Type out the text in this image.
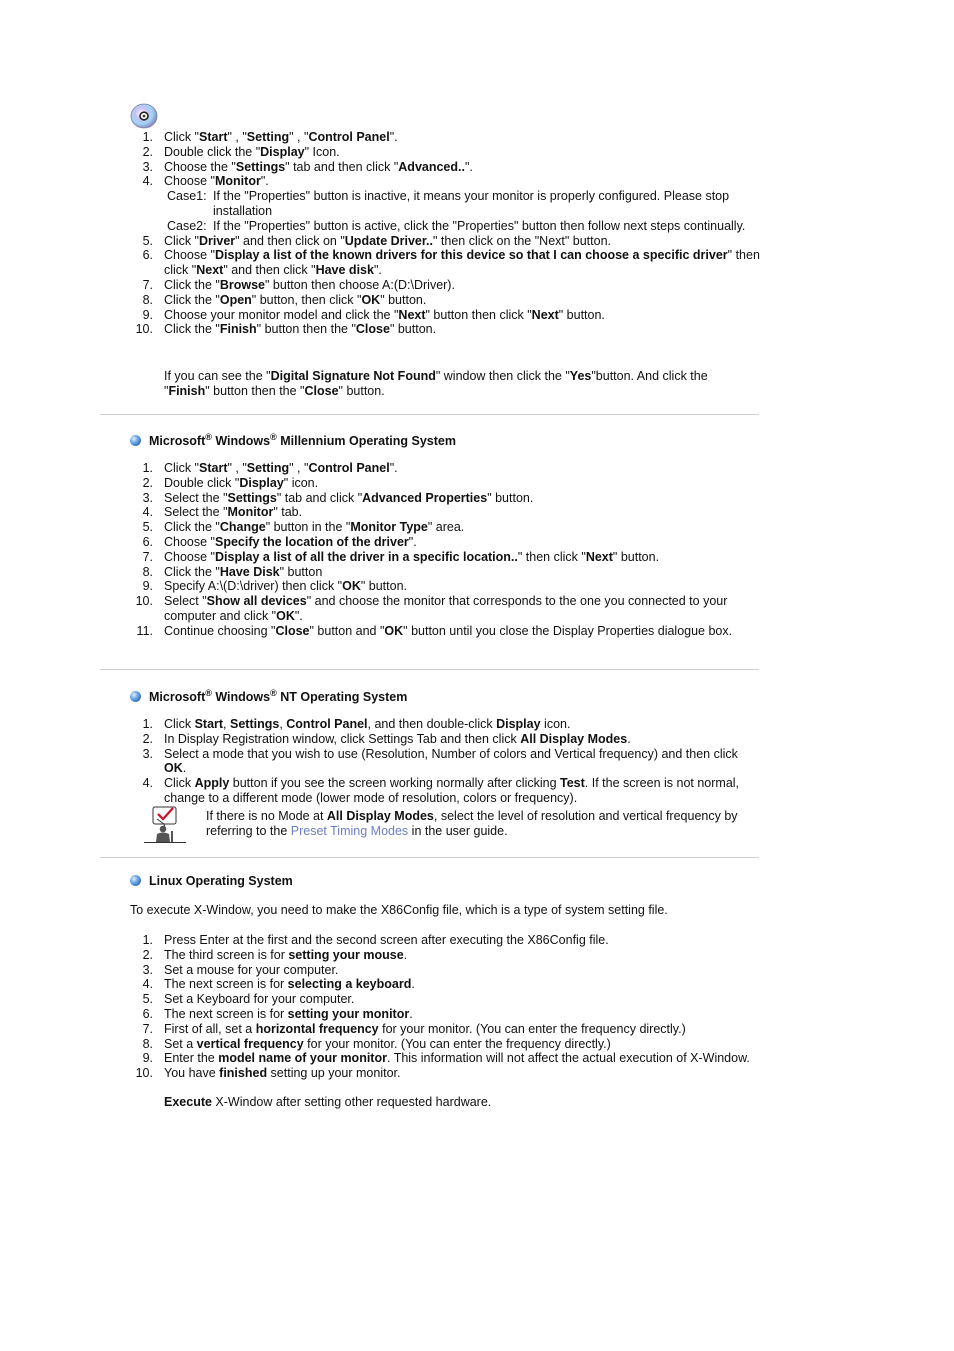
1. Click "Start" , "Setting" , "Control Panel".
2. Double click the "Display" Icon.
3. Choose the "Settings" tab and then click "Advanced..".
4. Choose "Monitor".
Case1: If the "Properties" button is inactive, it means your monitor is properly configured. Please stop installation
Case2: If the "Properties" button is active, click the "Properties" button then follow next steps continually.
5. Click "Driver" and then click on "Update Driver.." then click on the "Next" button.
6. Choose "Display a list of the known drivers for this device so that I can choose a specific driver" then click "Next" and then click "Have disk".
7. Click the "Browse" button then choose A:(D:\Driver).
8. Click the "Open" button, then click "OK" button.
9. Choose your monitor model and click the "Next" button then click "Next" button.
10. Click the "Finish" button then the "Close" button.
If you can see the "Digital Signature Not Found" window then click the "Yes"button. And click the "Finish" button then the "Close" button.
Microsoft® Windows® Millennium Operating System
1. Click "Start" , "Setting" , "Control Panel".
2. Double click "Display" icon.
3. Select the "Settings" tab and click "Advanced Properties" button.
4. Select the "Monitor" tab.
5. Click the "Change" button in the "Monitor Type" area.
6. Choose "Specify the location of the driver".
7. Choose "Display a list of all the driver in a specific location.." then click "Next" button.
8. Click the "Have Disk" button
9. Specify A:\(D:\driver) then click "OK" button.
10. Select "Show all devices" and choose the monitor that corresponds to the one you connected to your computer and click "OK".
11. Continue choosing "Close" button and "OK" button until you close the Display Properties dialogue box.
Microsoft® Windows® NT Operating System
1. Click Start, Settings, Control Panel, and then double-click Display icon.
2. In Display Registration window, click Settings Tab and then click All Display Modes.
3. Select a mode that you wish to use (Resolution, Number of colors and Vertical frequency) and then click OK.
4. Click Apply button if you see the screen working normally after clicking Test. If the screen is not normal, change to a different mode (lower mode of resolution, colors or frequency).
If there is no Mode at All Display Modes, select the level of resolution and vertical frequency by referring to the Preset Timing Modes in the user guide.
Linux Operating System
To execute X-Window, you need to make the X86Config file, which is a type of system setting file.
1. Press Enter at the first and the second screen after executing the X86Config file.
2. The third screen is for setting your mouse.
3. Set a mouse for your computer.
4. The next screen is for selecting a keyboard.
5. Set a Keyboard for your computer.
6. The next screen is for setting your monitor.
7. First of all, set a horizontal frequency for your monitor. (You can enter the frequency directly.)
8. Set a vertical frequency for your monitor. (You can enter the frequency directly.)
9. Enter the model name of your monitor. This information will not affect the actual execution of X-Window.
10. You have finished setting up your monitor.
Execute X-Window after setting other requested hardware.
